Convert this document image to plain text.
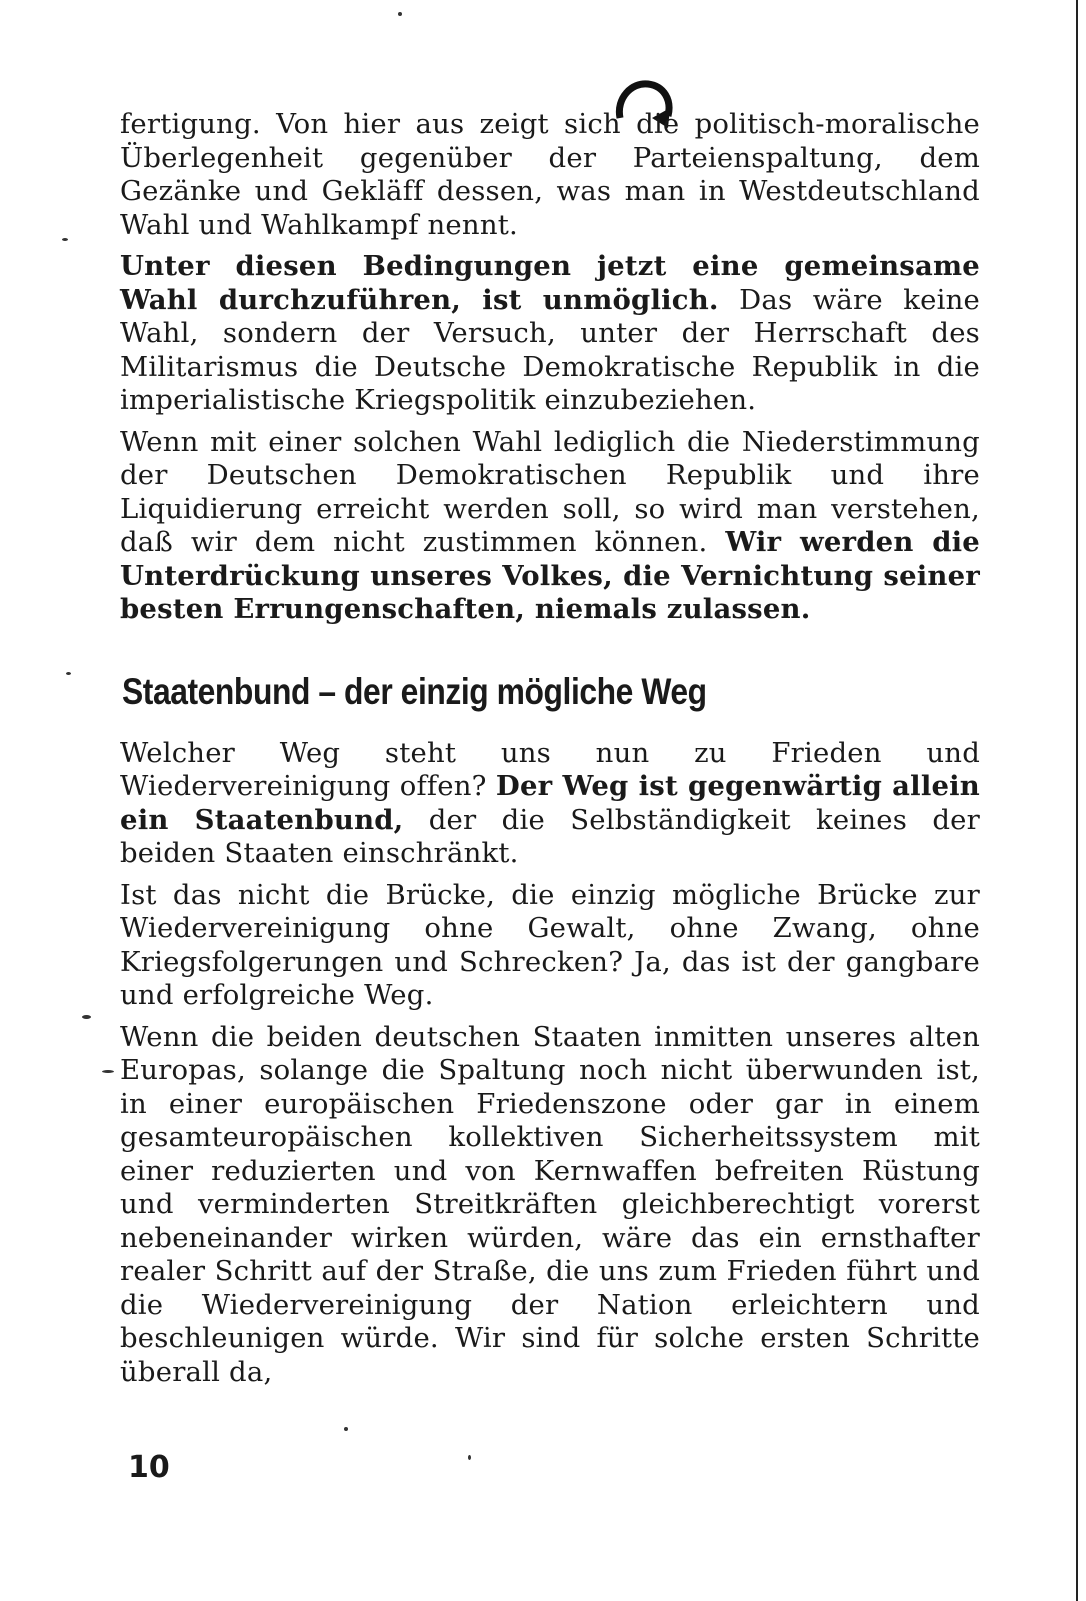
fertigung. Von hier aus zeigt sich die politisch-moralische Überlegenheit gegenüber der Parteienspaltung, dem Gezänke und Gekläff dessen, was man in Westdeutschland Wahl und Wahlkampf nennt.

Unter diesen Bedingungen jetzt eine gemeinsame Wahl durchzuführen, ist unmöglich. Das wäre keine Wahl, sondern der Versuch, unter der Herrschaft des Militarismus die Deutsche Demokratische Republik in die imperialistische Kriegspolitik einzubeziehen.

Wenn mit einer solchen Wahl lediglich die Niederstimmung der Deutschen Demokratischen Republik und ihre Liquidierung erreicht werden soll, so wird man verstehen, daß wir dem nicht zustimmen können. Wir werden die Unterdrückung unseres Volkes, die Vernichtung seiner besten Errungenschaften, niemals zulassen.

Staatenbund – der einzig mögliche Weg

Welcher Weg steht uns nun zu Frieden und Wiedervereinigung offen? Der Weg ist gegenwärtig allein ein Staatenbund, der die Selbständigkeit keines der beiden Staaten einschränkt.

Ist das nicht die Brücke, die einzig mögliche Brücke zur Wiedervereinigung ohne Gewalt, ohne Zwang, ohne Kriegsfolgerungen und Schrecken? Ja, das ist der gangbare und erfolgreiche Weg.

Wenn die beiden deutschen Staaten inmitten unseres alten Europas, solange die Spaltung noch nicht überwunden ist, in einer europäischen Friedenszone oder gar in einem gesamteuropäischen kollektiven Sicherheitssystem mit einer reduzierten und von Kernwaffen befreiten Rüstung und verminderten Streitkräften gleichberechtigt vorerst nebeneinander wirken würden, wäre das ein ernsthafter realer Schritt auf der Straße, die uns zum Frieden führt und die Wiedervereinigung der Nation erleichtern und beschleunigen würde. Wir sind für solche ersten Schritte überall da,

10
